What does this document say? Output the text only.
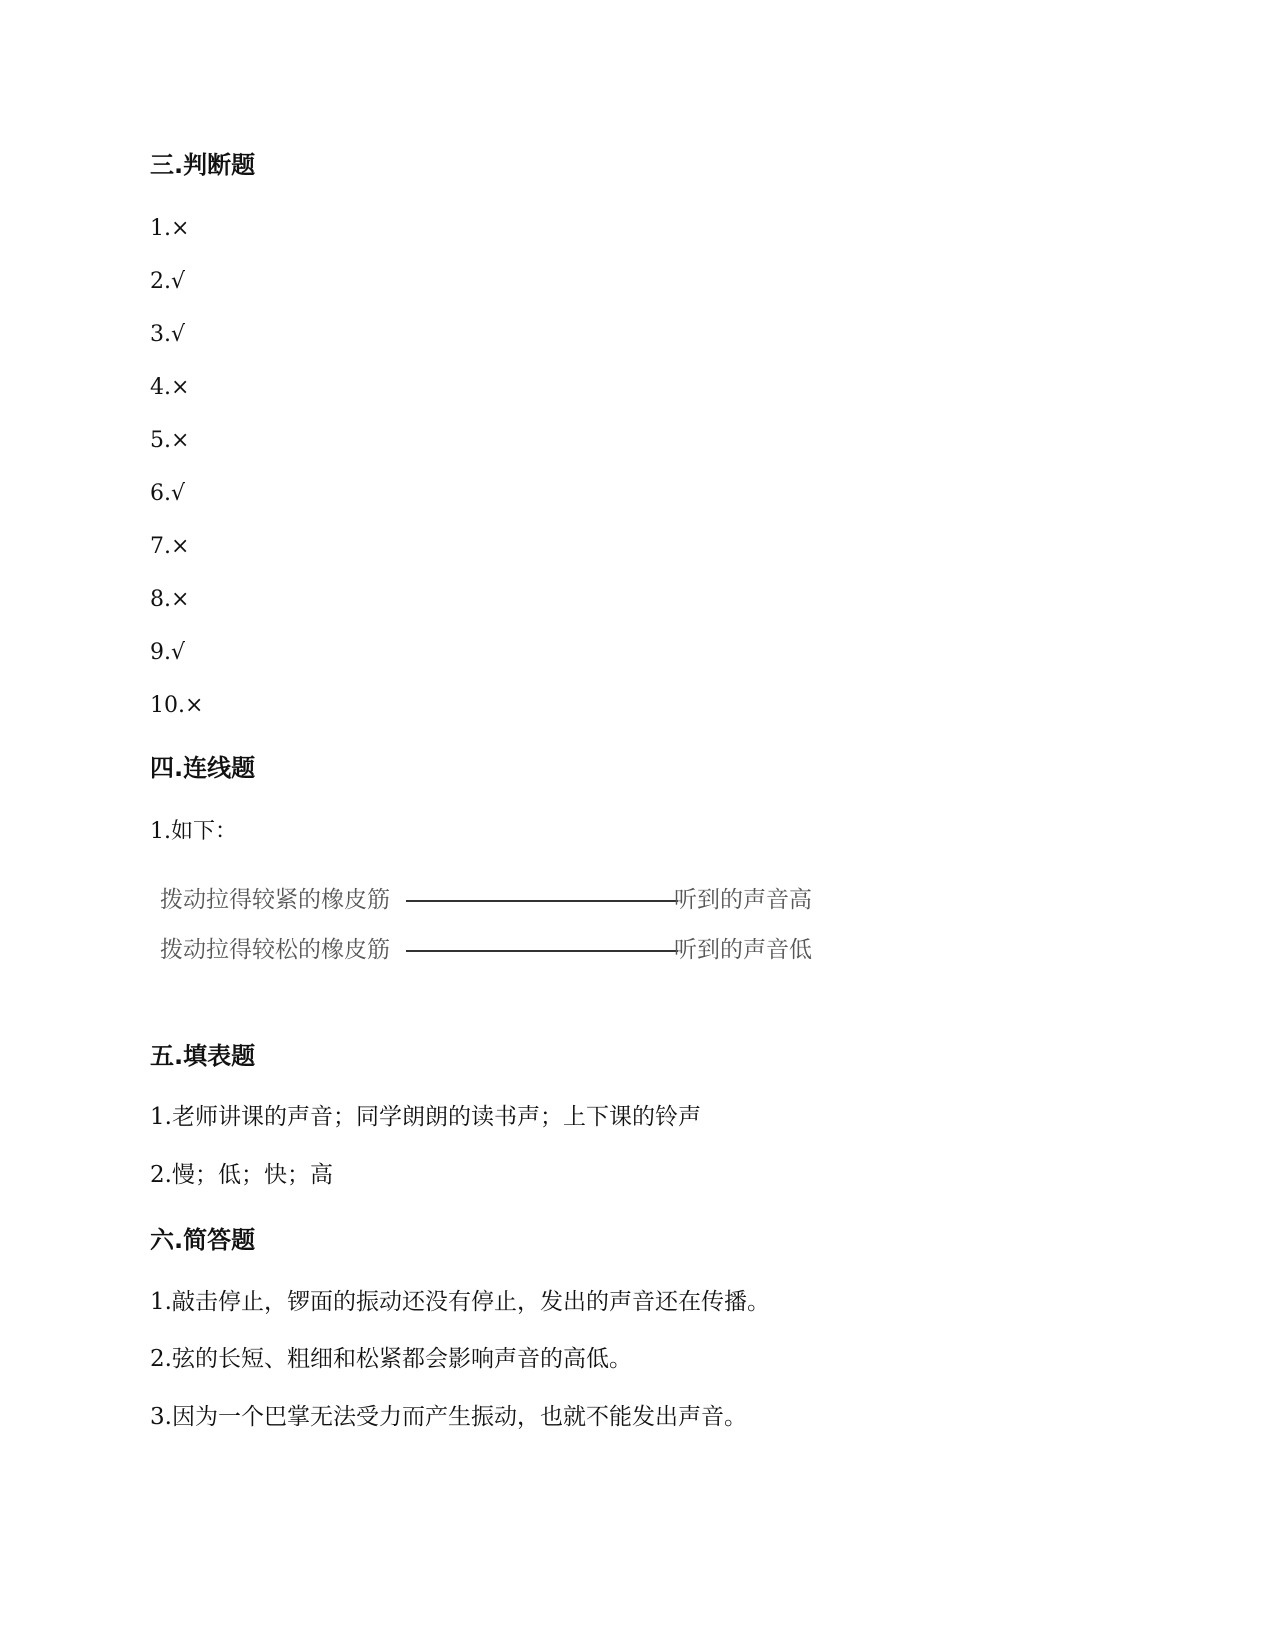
三.判断题
1.×
2.√
3.√
4.×
5.×
6.√
7.×
8.×
9.√
10.×
四.连线题
1.如下：
拨动拉得较紧的橡皮筋	听到的声音高
拨动拉得较松的橡皮筋	听到的声音低
五.填表题
1.老师讲课的声音；同学朗朗的读书声；上下课的铃声
2.慢；低；快；高
六.简答题
1.敲击停止，锣面的振动还没有停止，发出的声音还在传播。
2.弦的长短、粗细和松紧都会影响声音的高低。
3.因为一个巴掌无法受力而产生振动，也就不能发出声音。
